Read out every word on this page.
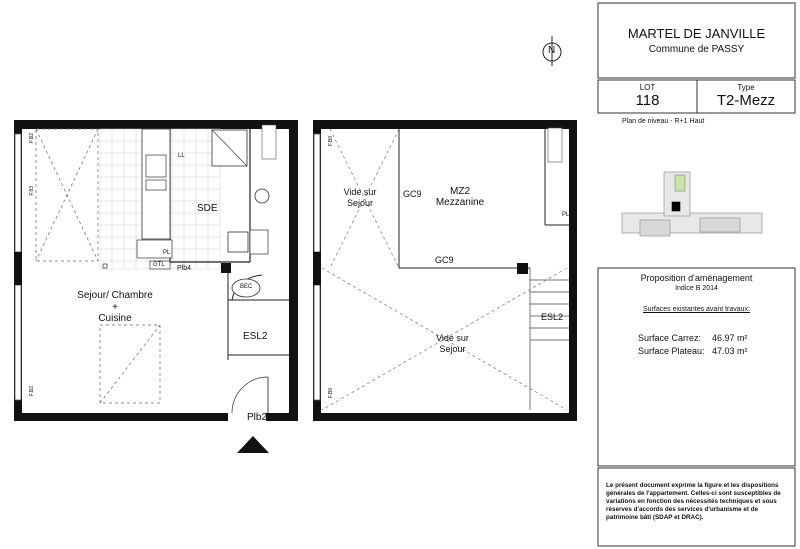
MARTEL DE JANVILLE
Commune de PASSY
LOT
118
Type
T2-Mezz
Plan de niveau - R+1 Haut
N
Proposition d'aménagement
Indice B 2014
Surfaces existantes avant travaux:
Surface Carrez: 46.97 m²
Surface Plateau: 47.03 m²
Le présent document exprime la figure et les dispositions générales de l'appartement. Celles-ci sont susceptibles de variations en fonction des nécessités techniques et sous réserves d'accords des services d'urbanisme et de patrimoine bâti (SDAP et DRAC).
SDE
Sejour/ Chambre
+
Cuisine
ESL2
BEC
LL
PL
GTL Plb4
Plb2
F.B2
F.83
F.B2
Vide sur
Sejour
GC9	MZ2
Mezzanine
GC9
Vide sur
Sejour
ESL2
PL
F.B9
F.B9
